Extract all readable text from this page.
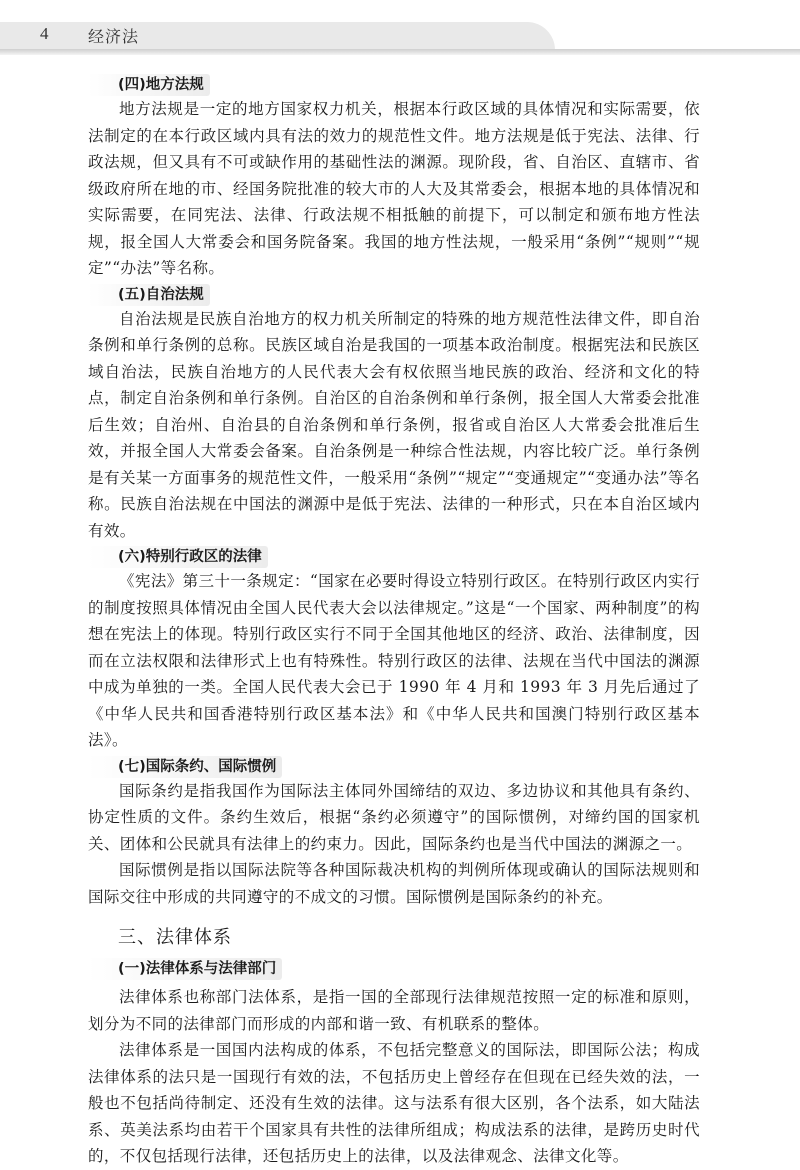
4 经济法
(四)地方法规

地方法规是一定的地方国家权力机关，根据本行政区域的具体情况和实际需要，依法制定的在本行政区域内具有法的效力的规范性文件。地方法规是低于宪法、法律、行政法规，但又具有不可或缺作用的基础性法的渊源。现阶段，省、自治区、直辖市、省级政府所在地的市、经国务院批准的较大市的人大及其常委会，根据本地的具体情况和实际需要，在同宪法、法律、行政法规不相抵触的前提下，可以制定和颁布地方性法规，报全国人大常委会和国务院备案。我国的地方性法规，一般采用“条例”“规则”“规定”“办法”等名称。

(五)自治法规

自治法规是民族自治地方的权力机关所制定的特殊的地方规范性法律文件，即自治条例和单行条例的总称。民族区域自治是我国的一项基本政治制度。根据宪法和民族区域自治法，民族自治地方的人民代表大会有权依照当地民族的政治、经济和文化的特点，制定自治条例和单行条例。自治区的自治条例和单行条例，报全国人大常委会批准后生效；自治州、自治县的自治条例和单行条例，报省或自治区人大常委会批准后生效，并报全国人大常委会备案。自治条例是一种综合性法规，内容比较广泛。单行条例是有关某一方面事务的规范性文件，一般采用“条例”“规定”“变通规定”“变通办法”等名称。民族自治法规在中国法的渊源中是低于宪法、法律的一种形式，只在本自治区域内有效。

(六)特别行政区的法律

《宪法》第三十一条规定：“国家在必要时得设立特别行政区。在特别行政区内实行的制度按照具体情况由全国人民代表大会以法律规定。”这是“一个国家、两种制度”的构想在宪法上的体现。特别行政区实行不同于全国其他地区的经济、政治、法律制度，因而在立法权限和法律形式上也有特殊性。特别行政区的法律、法规在当代中国法的渊源中成为单独的一类。全国人民代表大会已于 1990 年 4 月和 1993 年 3 月先后通过了《中华人民共和国香港特别行政区基本法》和《中华人民共和国澳门特别行政区基本法》。

(七)国际条约、国际惯例

国际条约是指我国作为国际法主体同外国缔结的双边、多边协议和其他具有条约、协定性质的文件。条约生效后，根据“条约必须遵守”的国际惯例，对缔约国的国家机关、团体和公民就具有法律上的约束力。因此，国际条约也是当代中国法的渊源之一。

国际惯例是指以国际法院等各种国际裁决机构的判例所体现或确认的国际法规则和国际交往中形成的共同遵守的不成文的习惯。国际惯例是国际条约的补充。

三、法律体系
(一)法律体系与法律部门

法律体系也称部门法体系，是指一国的全部现行法律规范按照一定的标准和原则，划分为不同的法律部门而形成的内部和谐一致、有机联系的整体。

法律体系是一国国内法构成的体系，不包括完整意义的国际法，即国际公法；构成法律体系的法只是一国现行有效的法，不包括历史上曾经存在但现在已经失效的法，一般也不包括尚待制定、还没有生效的法律。这与法系有很大区别，各个法系，如大陆法系、英美法系均由若干个国家具有共性的法律所组成；构成法系的法律，是跨历史时代的，不仅包括现行法律，还包括历史上的法律，以及法律观念、法律文化等。
